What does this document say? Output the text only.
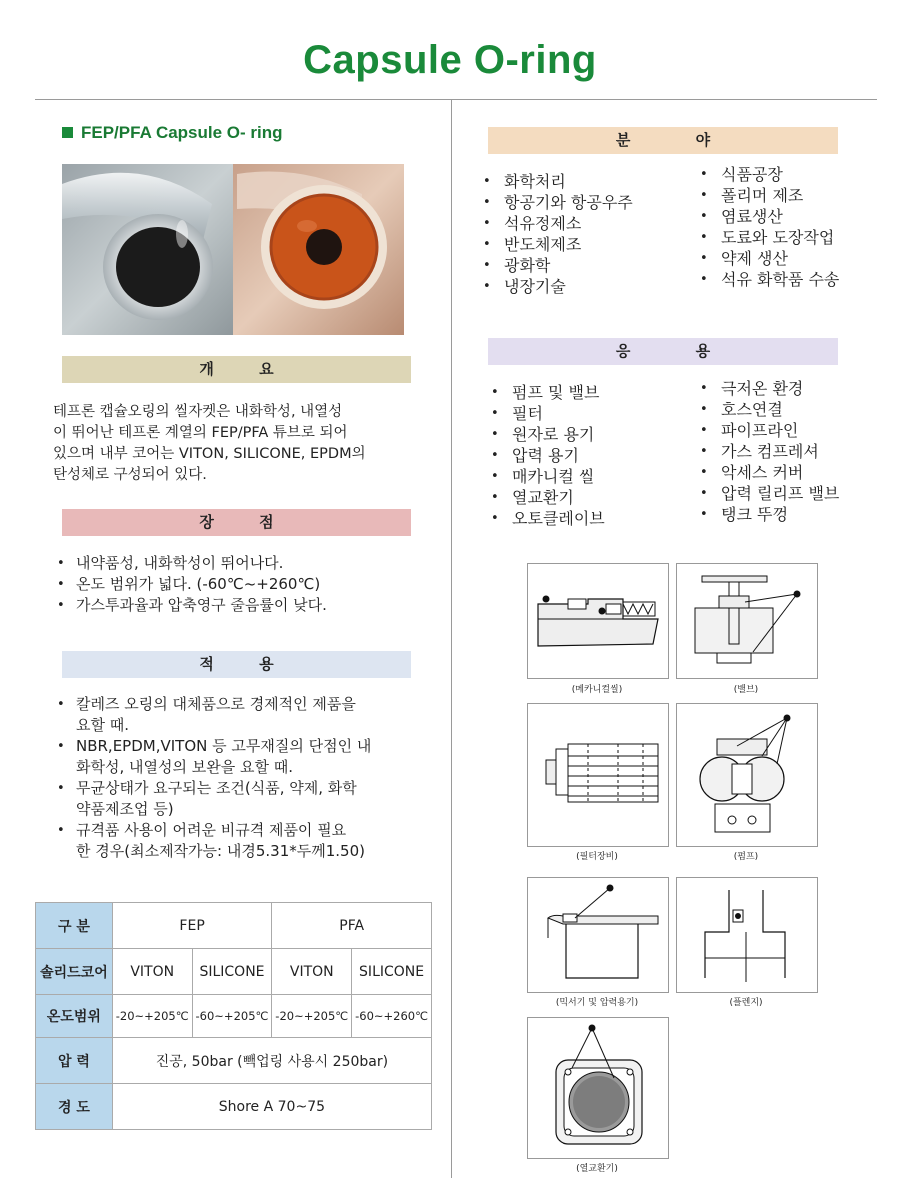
Capsule O-ring
FEP/PFA Capsule O- ring
개 요
테프론 캡슐오링의 씰자켓은 내화학성, 내열성
이 뛰어난 테프론 계열의 FEP/PFA 튜브로 되어
있으며 내부 코어는 VITON, SILICONE, EPDM의
탄성체로 구성되어 있다.
장 점
• 내약품성, 내화학성이 뛰어나다.
• 온도 범위가 넓다. (-60℃~+260℃)
• 가스투과율과 압축영구 줄음률이 낮다.
적 용
• 칼레즈 오링의 대체품으로 경제적인 제품을
요할 때.
• NBR,EPDM,VITON 등 고무재질의 단점인 내
화학성, 내열성의 보완을 요할 때.
• 무균상태가 요구되는 조건(식품, 약제, 화학
약품제조업 등)
• 규격품 사용이 어려운 비규격 제품이 필요
한 경우(최소제작가능: 내경5.31*두께1.50)
구 분	FEP		PFA	
솔리드코어	VITON	SILICONE	VITON	SILICONE
온도범위	-20~+205℃	-60~+205℃	-20~+205℃	-60~+260℃
압 력	진공, 50bar (빽업링 사용시 250bar)			
경 도	Shore A 70~75			
분 야
• 화학처리
• 항공기와 항공우주
• 석유정제소
• 반도체제조
• 광화학
• 냉장기술
• 식품공장
• 폴리머 제조
• 염료생산
• 도료와 도장작업
• 약제 생산
• 석유 화학품 수송
응 용
• 펌프 및 밸브
• 필터
• 원자로 용기
• 압력 용기
• 매카니컬 씰
• 열교환기
• 오토클레이브
• 극저온 환경
• 호스연결
• 파이프라인
• 가스 컴프레셔
• 악세스 커버
• 압력 릴리프 밸브
• 탱크 뚜껑
(메카니컬씰)	(밸브)
(필터장비)	(펌프)
(믹서기 및 압력용기)	(플렌지)
(열교환기)
